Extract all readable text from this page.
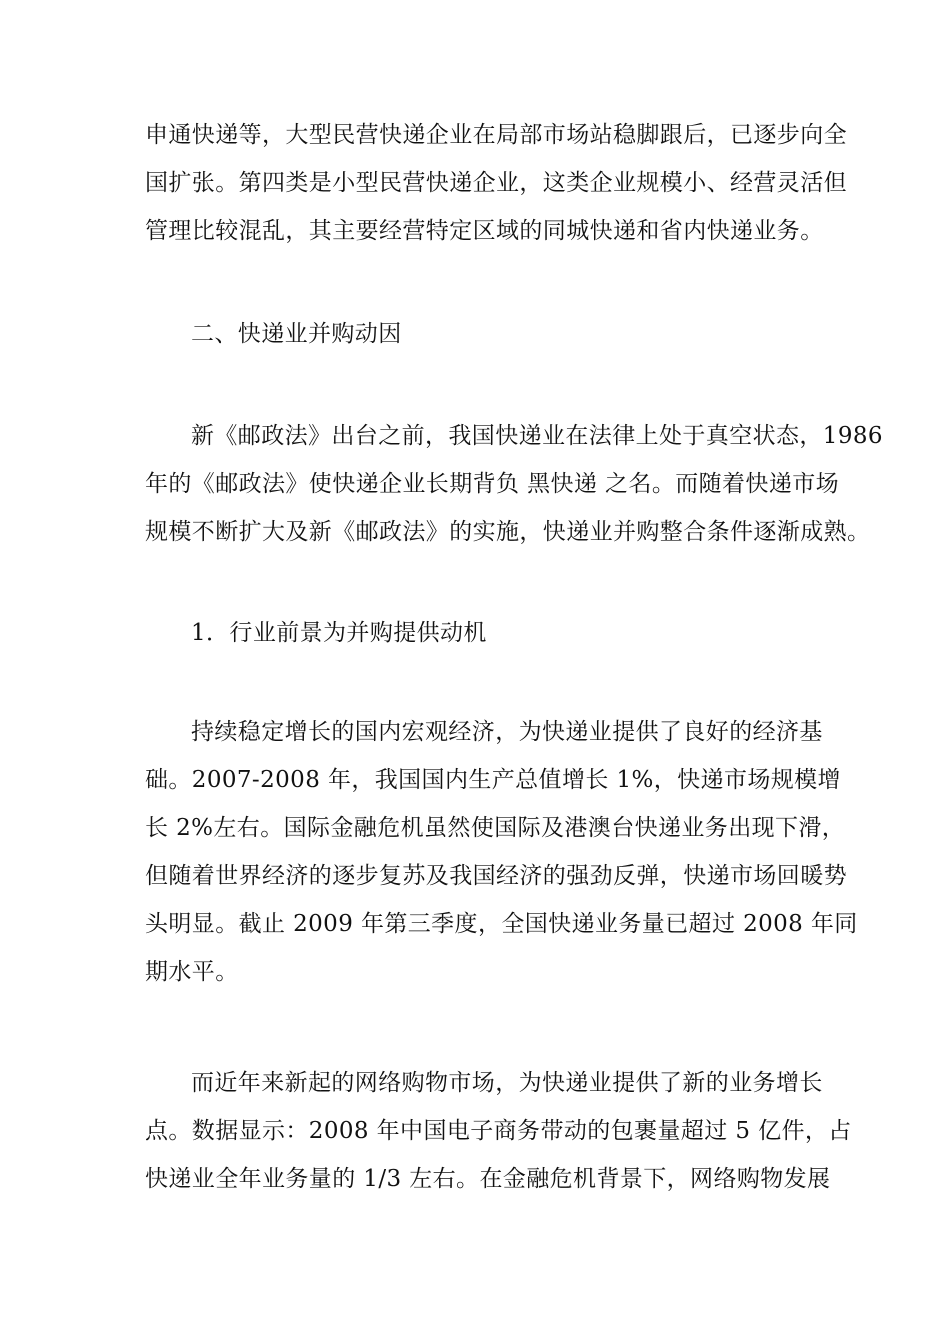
申通快递等，大型民营快递企业在局部市场站稳脚跟后，已逐步向全
国扩张。第四类是小型民营快递企业，这类企业规模小、经营灵活但
管理比较混乱，其主要经营特定区域的同城快递和省内快递业务。
二、快递业并购动因
新《邮政法》出台之前，我国快递业在法律上处于真空状态，1986
年的《邮政法》使快递企业长期背负 黑快递 之名。而随着快递市场
规模不断扩大及新《邮政法》的实施，快递业并购整合条件逐渐成熟。
1．行业前景为并购提供动机
持续稳定增长的国内宏观经济，为快递业提供了良好的经济基
础。2007-2008 年，我国国内生产总值增长 1%，快递市场规模增
长 2%左右。国际金融危机虽然使国际及港澳台快递业务出现下滑，
但随着世界经济的逐步复苏及我国经济的强劲反弹，快递市场回暖势
头明显。截止 2009 年第三季度，全国快递业务量已超过 2008 年同
期水平。
而近年来新起的网络购物市场，为快递业提供了新的业务增长
点。数据显示：2008 年中国电子商务带动的包裹量超过 5 亿件，占
快递业全年业务量的 1/3 左右。在金融危机背景下，网络购物发展
